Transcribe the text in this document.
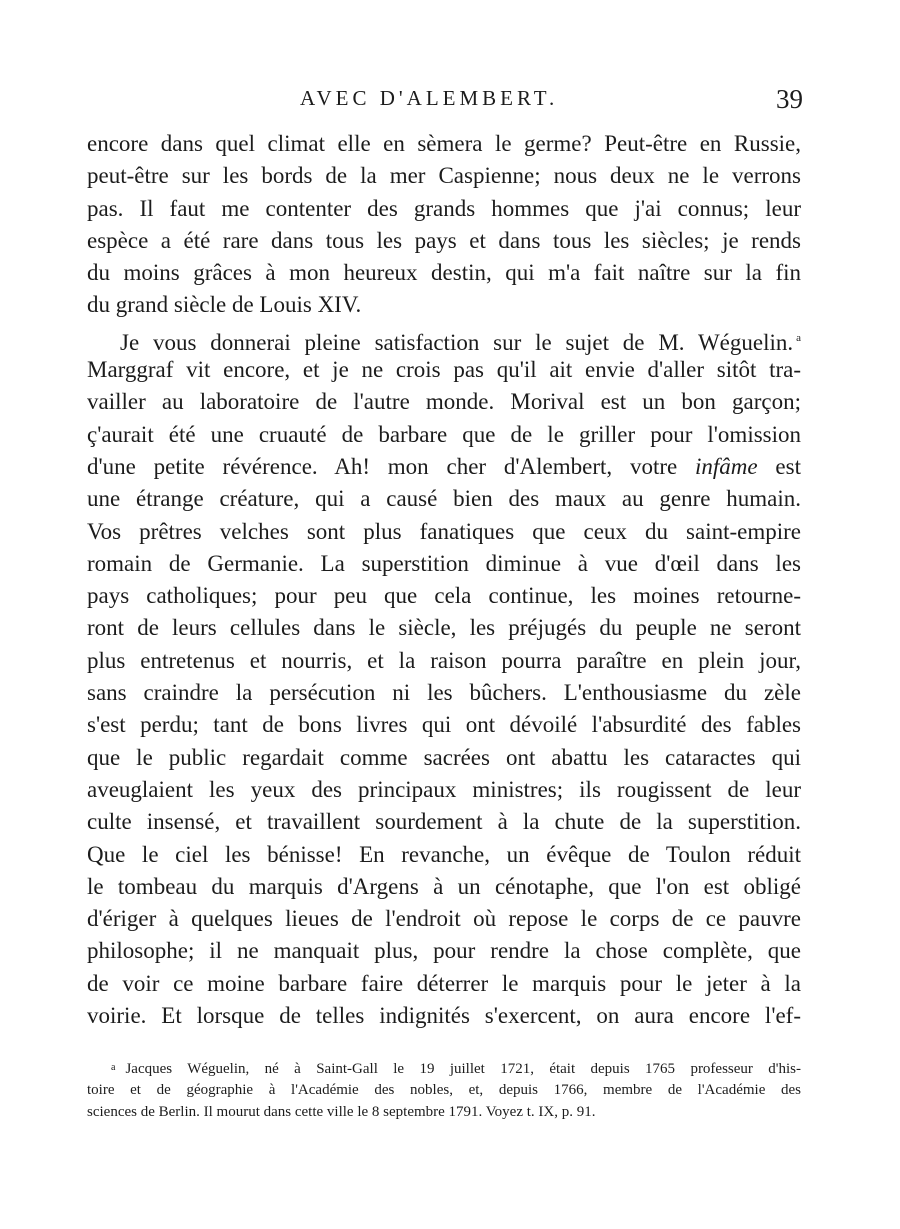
AVEC D'ALEMBERT.	39
encore dans quel climat elle en sèmera le germe? Peut-être en Russie,
peut-être sur les bords de la mer Caspienne; nous deux ne le verrons
pas. Il faut me contenter des grands hommes que j'ai connus; leur
espèce a été rare dans tous les pays et dans tous les siècles; je rends
du moins grâces à mon heureux destin, qui m'a fait naître sur la fin
du grand siècle de Louis XIV.
Je vous donnerai pleine satisfaction sur le sujet de M. Wéguelin. $^a$
Marggraf vit encore, et je ne crois pas qu'il ait envie d'aller sitôt tra-
vailler au laboratoire de l'autre monde. Morival est un bon garçon;
ç'aurait été une cruauté de barbare que de le griller pour l'omission
d'une petite révérence. Ah! mon cher d'Alembert, votre infâme est
une étrange créature, qui a causé bien des maux au genre humain.
Vos prêtres velches sont plus fanatiques que ceux du saint-empire
romain de Germanie. La superstition diminue à vue d'œil dans les
pays catholiques; pour peu que cela continue, les moines retourne-
ront de leurs cellules dans le siècle, les préjugés du peuple ne seront
plus entretenus et nourris, et la raison pourra paraître en plein jour,
sans craindre la persécution ni les bûchers. L'enthousiasme du zèle
s'est perdu; tant de bons livres qui ont dévoilé l'absurdité des fables
que le public regardait comme sacrées ont abattu les cataractes qui
aveuglaient les yeux des principaux ministres; ils rougissent de leur
culte insensé, et travaillent sourdement à la chute de la superstition.
Que le ciel les bénisse! En revanche, un évêque de Toulon réduit
le tombeau du marquis d'Argens à un cénotaphe, que l'on est obligé
d'ériger à quelques lieues de l'endroit où repose le corps de ce pauvre
philosophe; il ne manquait plus, pour rendre la chose complète, que
de voir ce moine barbare faire déterrer le marquis pour le jeter à la
voirie. Et lorsque de telles indignités s'exercent, on aura encore l'ef-
$^a$ Jacques Wéguelin, né à Saint-Gall le 19 juillet 1721, était depuis 1765 professeur d'his-
toire et de géographie à l'Académie des nobles, et, depuis 1766, membre de l'Académie des
sciences de Berlin. Il mourut dans cette ville le 8 septembre 1791. Voyez t. IX, p. 91.
